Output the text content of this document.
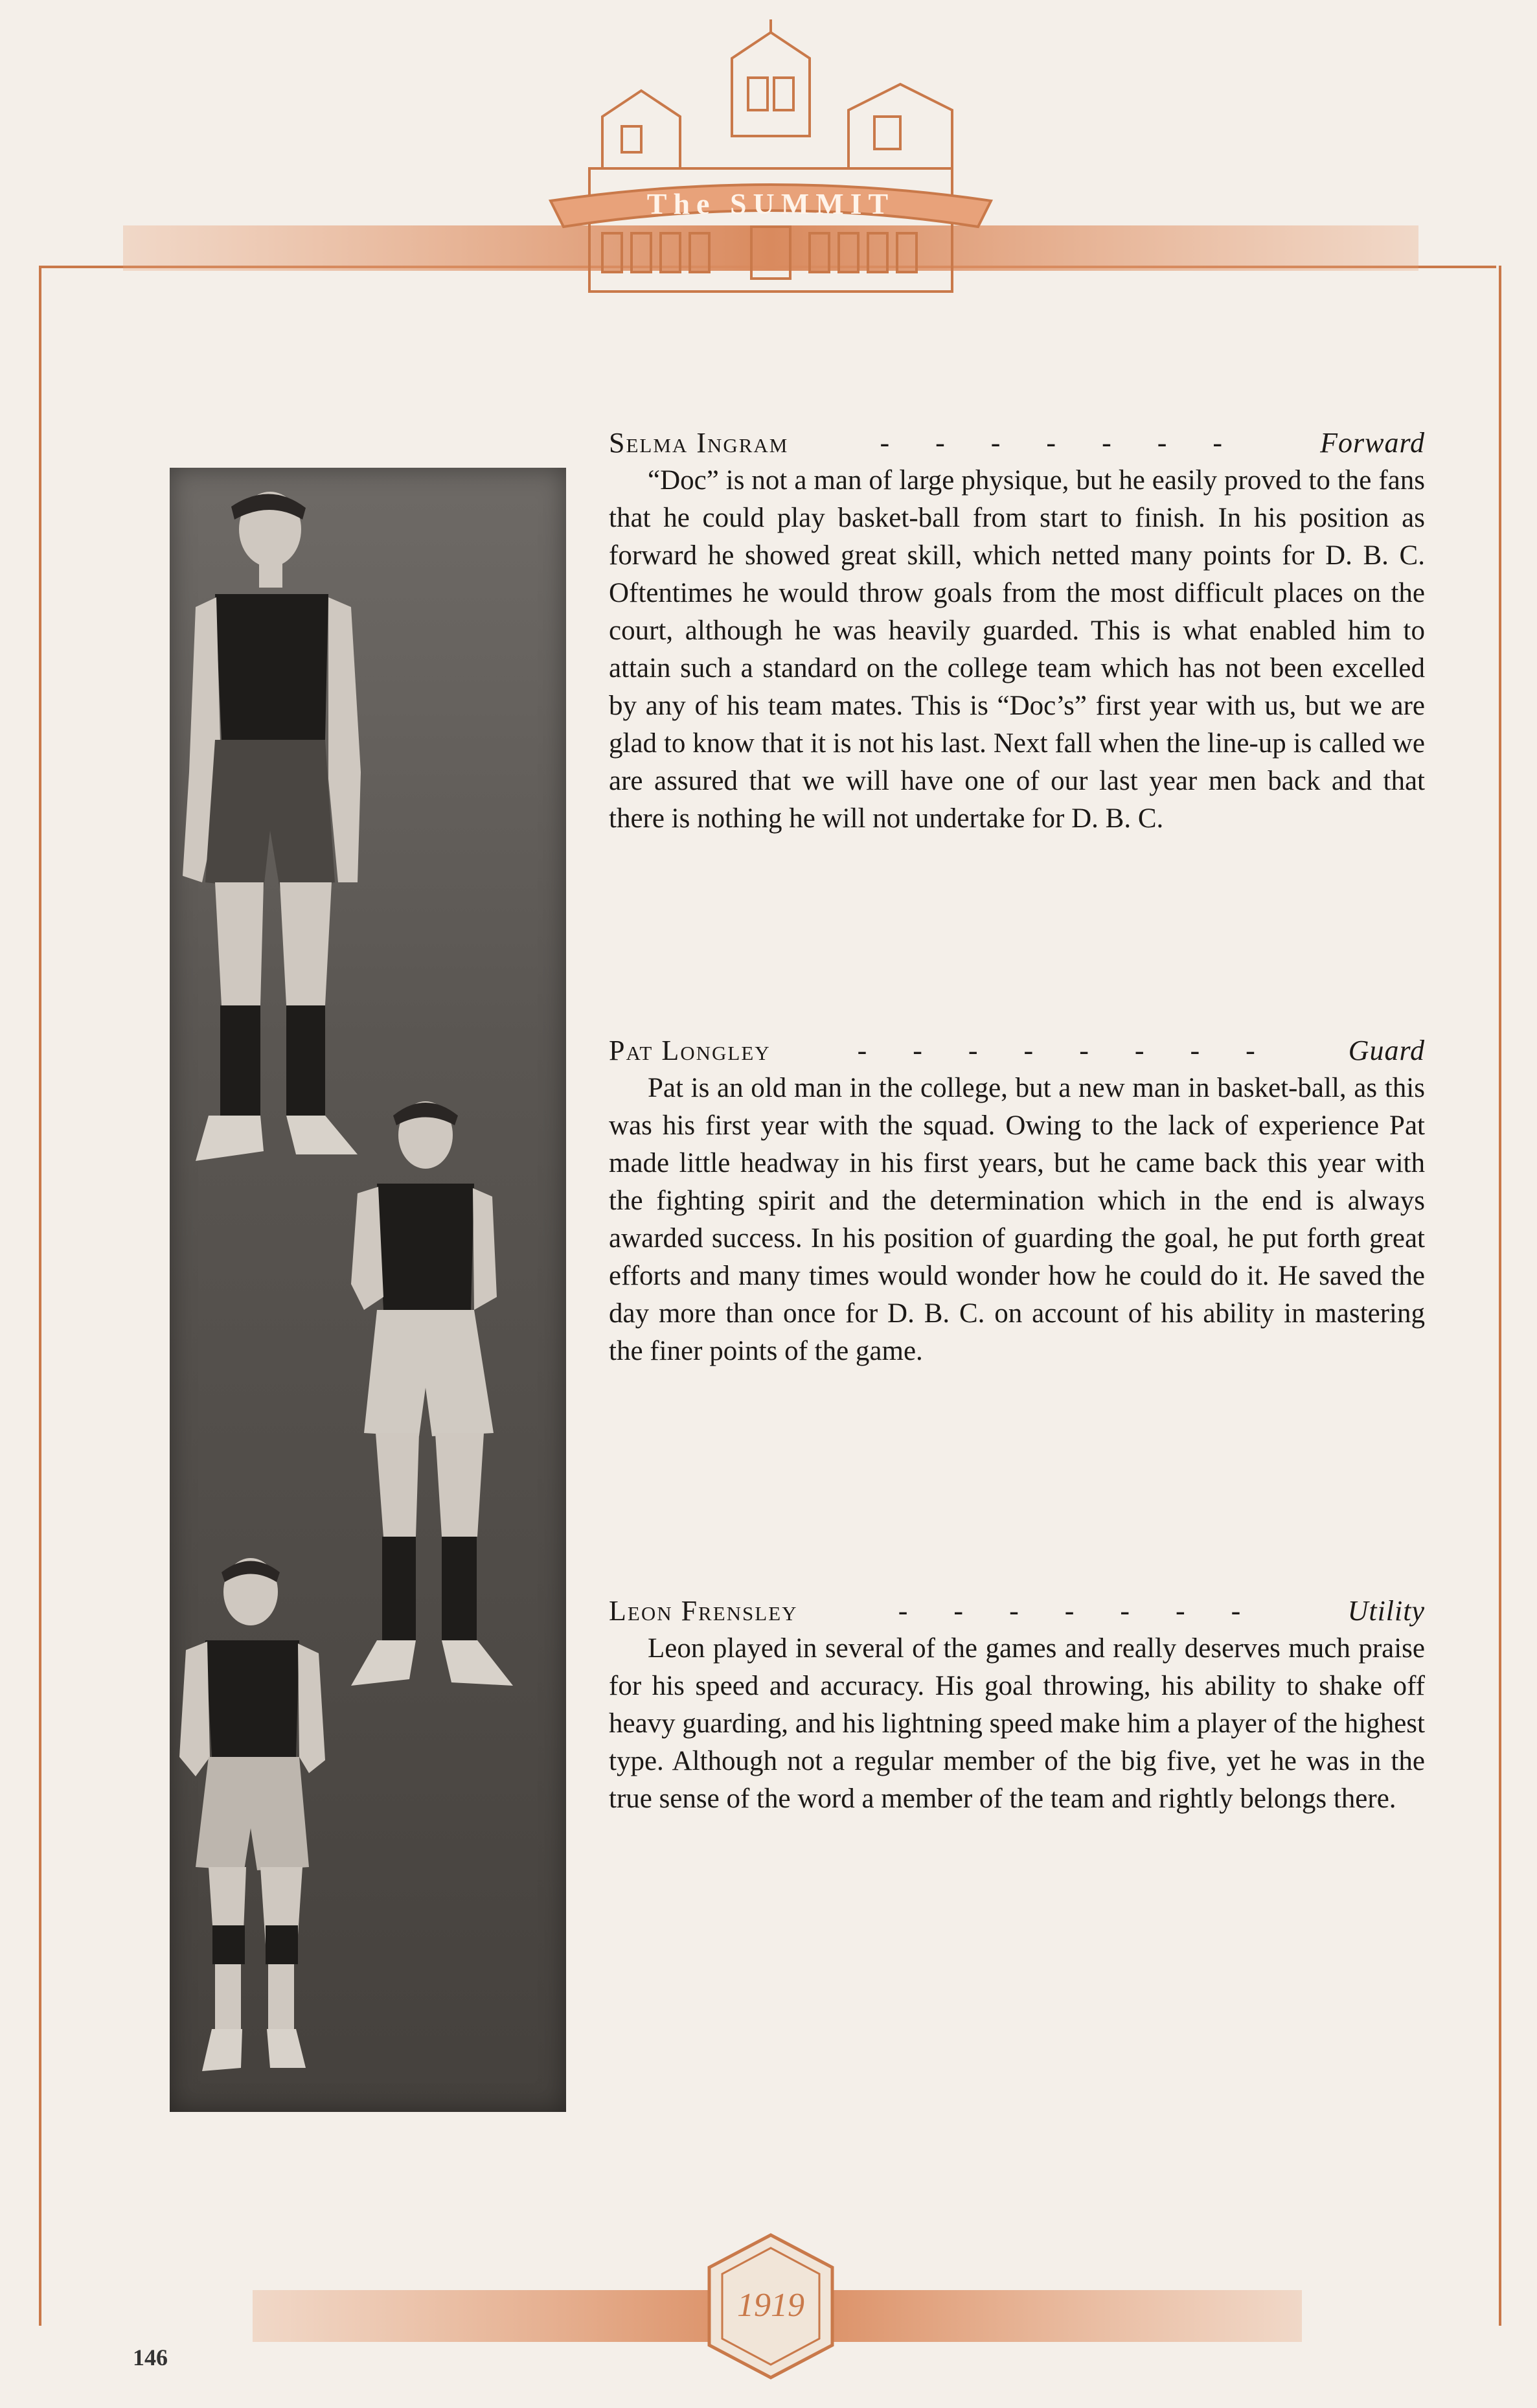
The SUMMIT
Selma Ingram	- - - - - - -	Forward

“Doc” is not a man of large physique, but he easily proved to the fans that he could play basket-ball from start to finish. In his position as forward he showed great skill, which netted many points for D. B. C. Oftentimes he would throw goals from the most difficult places on the court, although he was heavily guarded. This is what enabled him to attain such a standard on the college team which has not been excelled by any of his team mates. This is “Doc’s” first year with us, but we are glad to know that it is not his last. Next fall when the line-up is called we are assured that we will have one of our last year men back and that there is nothing he will not undertake for D. B. C.

Pat Longley	- - - - - - - -	Guard

Pat is an old man in the college, but a new man in basket-ball, as this was his first year with the squad. Owing to the lack of experience Pat made little headway in his first years, but he came back this year with the fighting spirit and the determination which in the end is always awarded success. In his position of guarding the goal, he put forth great efforts and many times would wonder how he could do it. He saved the day more than once for D. B. C. on account of his ability in mastering the finer points of the game.

Leon Frensley	- - - - - - -	Utility

Leon played in several of the games and really deserves much praise for his speed and accuracy. His goal throwing, his ability to shake off heavy guarding, and his lightning speed make him a player of the highest type. Although not a regular member of the big five, yet he was in the true sense of the word a member of the team and rightly belongs there.

1919
146
